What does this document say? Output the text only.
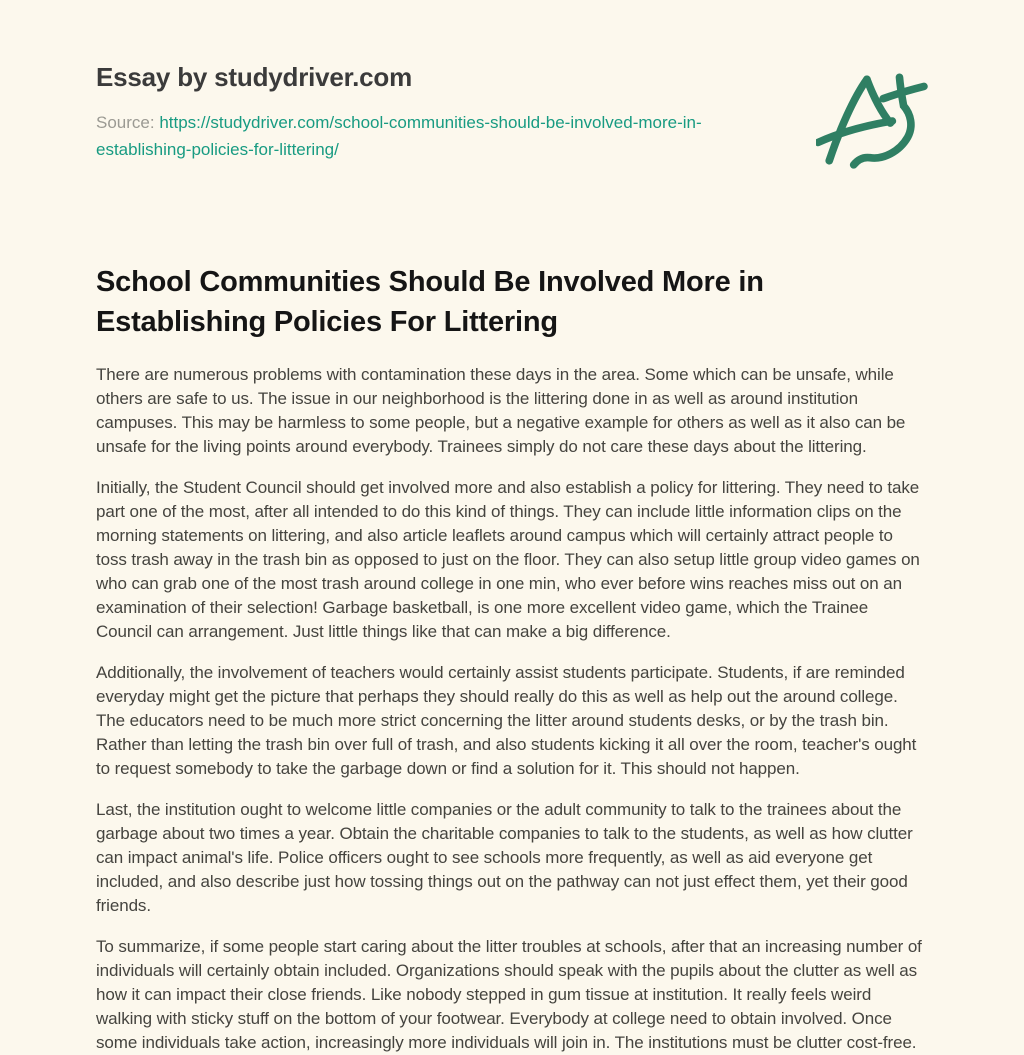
Essay by studydriver.com
Source: https://studydriver.com/school-communities-should-be-involved-more-in-establishing-policies-for-littering/
School Communities Should Be Involved More in Establishing Policies For Littering

There are numerous problems with contamination these days in the area. Some which can be unsafe, while others are safe to us. The issue in our neighborhood is the littering done in as well as around institution campuses. This may be harmless to some people, but a negative example for others as well as it also can be unsafe for the living points around everybody. Trainees simply do not care these days about the littering.

Initially, the Student Council should get involved more and also establish a policy for littering. They need to take part one of the most, after all intended to do this kind of things. They can include little information clips on the morning statements on littering, and also article leaflets around campus which will certainly attract people to toss trash away in the trash bin as opposed to just on the floor. They can also setup little group video games on who can grab one of the most trash around college in one min, who ever before wins reaches miss out on an examination of their selection! Garbage basketball, is one more excellent video game, which the Trainee Council can arrangement. Just little things like that can make a big difference.

Additionally, the involvement of teachers would certainly assist students participate. Students, if are reminded everyday might get the picture that perhaps they should really do this as well as help out the around college. The educators need to be much more strict concerning the litter around students desks, or by the trash bin. Rather than letting the trash bin over full of trash, and also students kicking it all over the room, teacher's ought to request somebody to take the garbage down or find a solution for it. This should not happen.

Last, the institution ought to welcome little companies or the adult community to talk to the trainees about the garbage about two times a year. Obtain the charitable companies to talk to the students, as well as how clutter can impact animal's life. Police officers ought to see schools more frequently, as well as aid everyone get included, and also describe just how tossing things out on the pathway can not just effect them, yet their good friends.

To summarize, if some people start caring about the litter troubles at schools, after that an increasing number of individuals will certainly obtain included. Organizations should speak with the pupils about the clutter as well as how it can impact their close friends. Like nobody stepped in gum tissue at institution. It really feels weird walking with sticky stuff on the bottom of your footwear. Everybody at college need to obtain involved. Once some individuals take action, increasingly more individuals will join in. The institutions must be clutter cost-free.
